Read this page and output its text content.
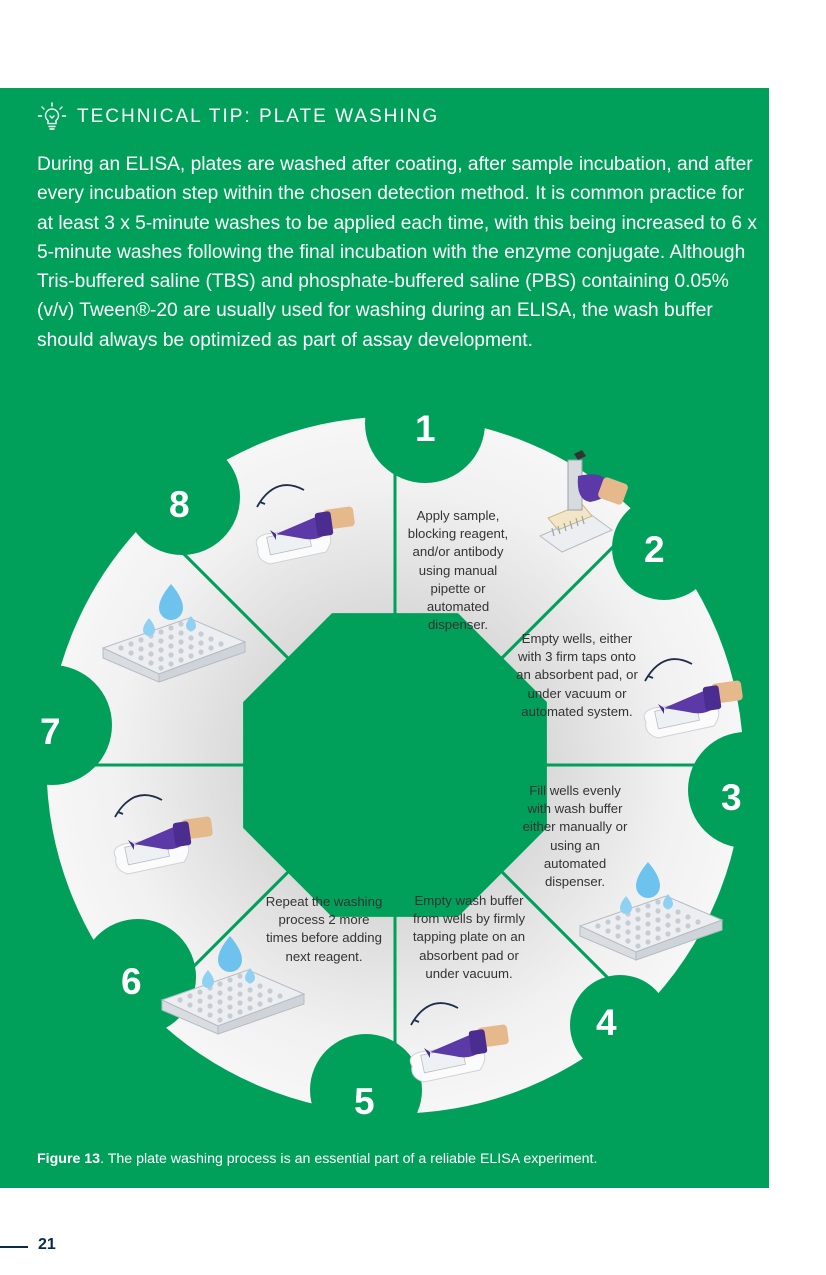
TECHNICAL TIP: PLATE WASHING

During an ELISA, plates are washed after coating, after sample incubation, and after every incubation step within the chosen detection method. It is common practice for at least 3 x 5-minute washes to be applied each time, with this being increased to 6 x 5-minute washes following the final incubation with the enzyme conjugate. Although Tris-buffered saline (TBS) and phosphate-buffered saline (PBS) containing 0.05% (v/v) Tween®-20 are usually used for washing during an ELISA, the wash buffer should always be optimized as part of assay development.

1
2
3
4
5
6
7
8	Apply sample, blocking reagent, and/or antibody using manual pipette or automated dispenser.

Empty wells, either with 3 firm taps onto an absorbent pad, or under vacuum or automated system.

Fill wells evenly with wash buffer either manually or using an automated dispenser.

Empty wash buffer from wells by firmly tapping plate on an absorbent pad or under vacuum.

Repeat the washing process 2 more times before adding next reagent.

Figure 13. The plate washing process is an essential part of a reliable ELISA experiment.

21
